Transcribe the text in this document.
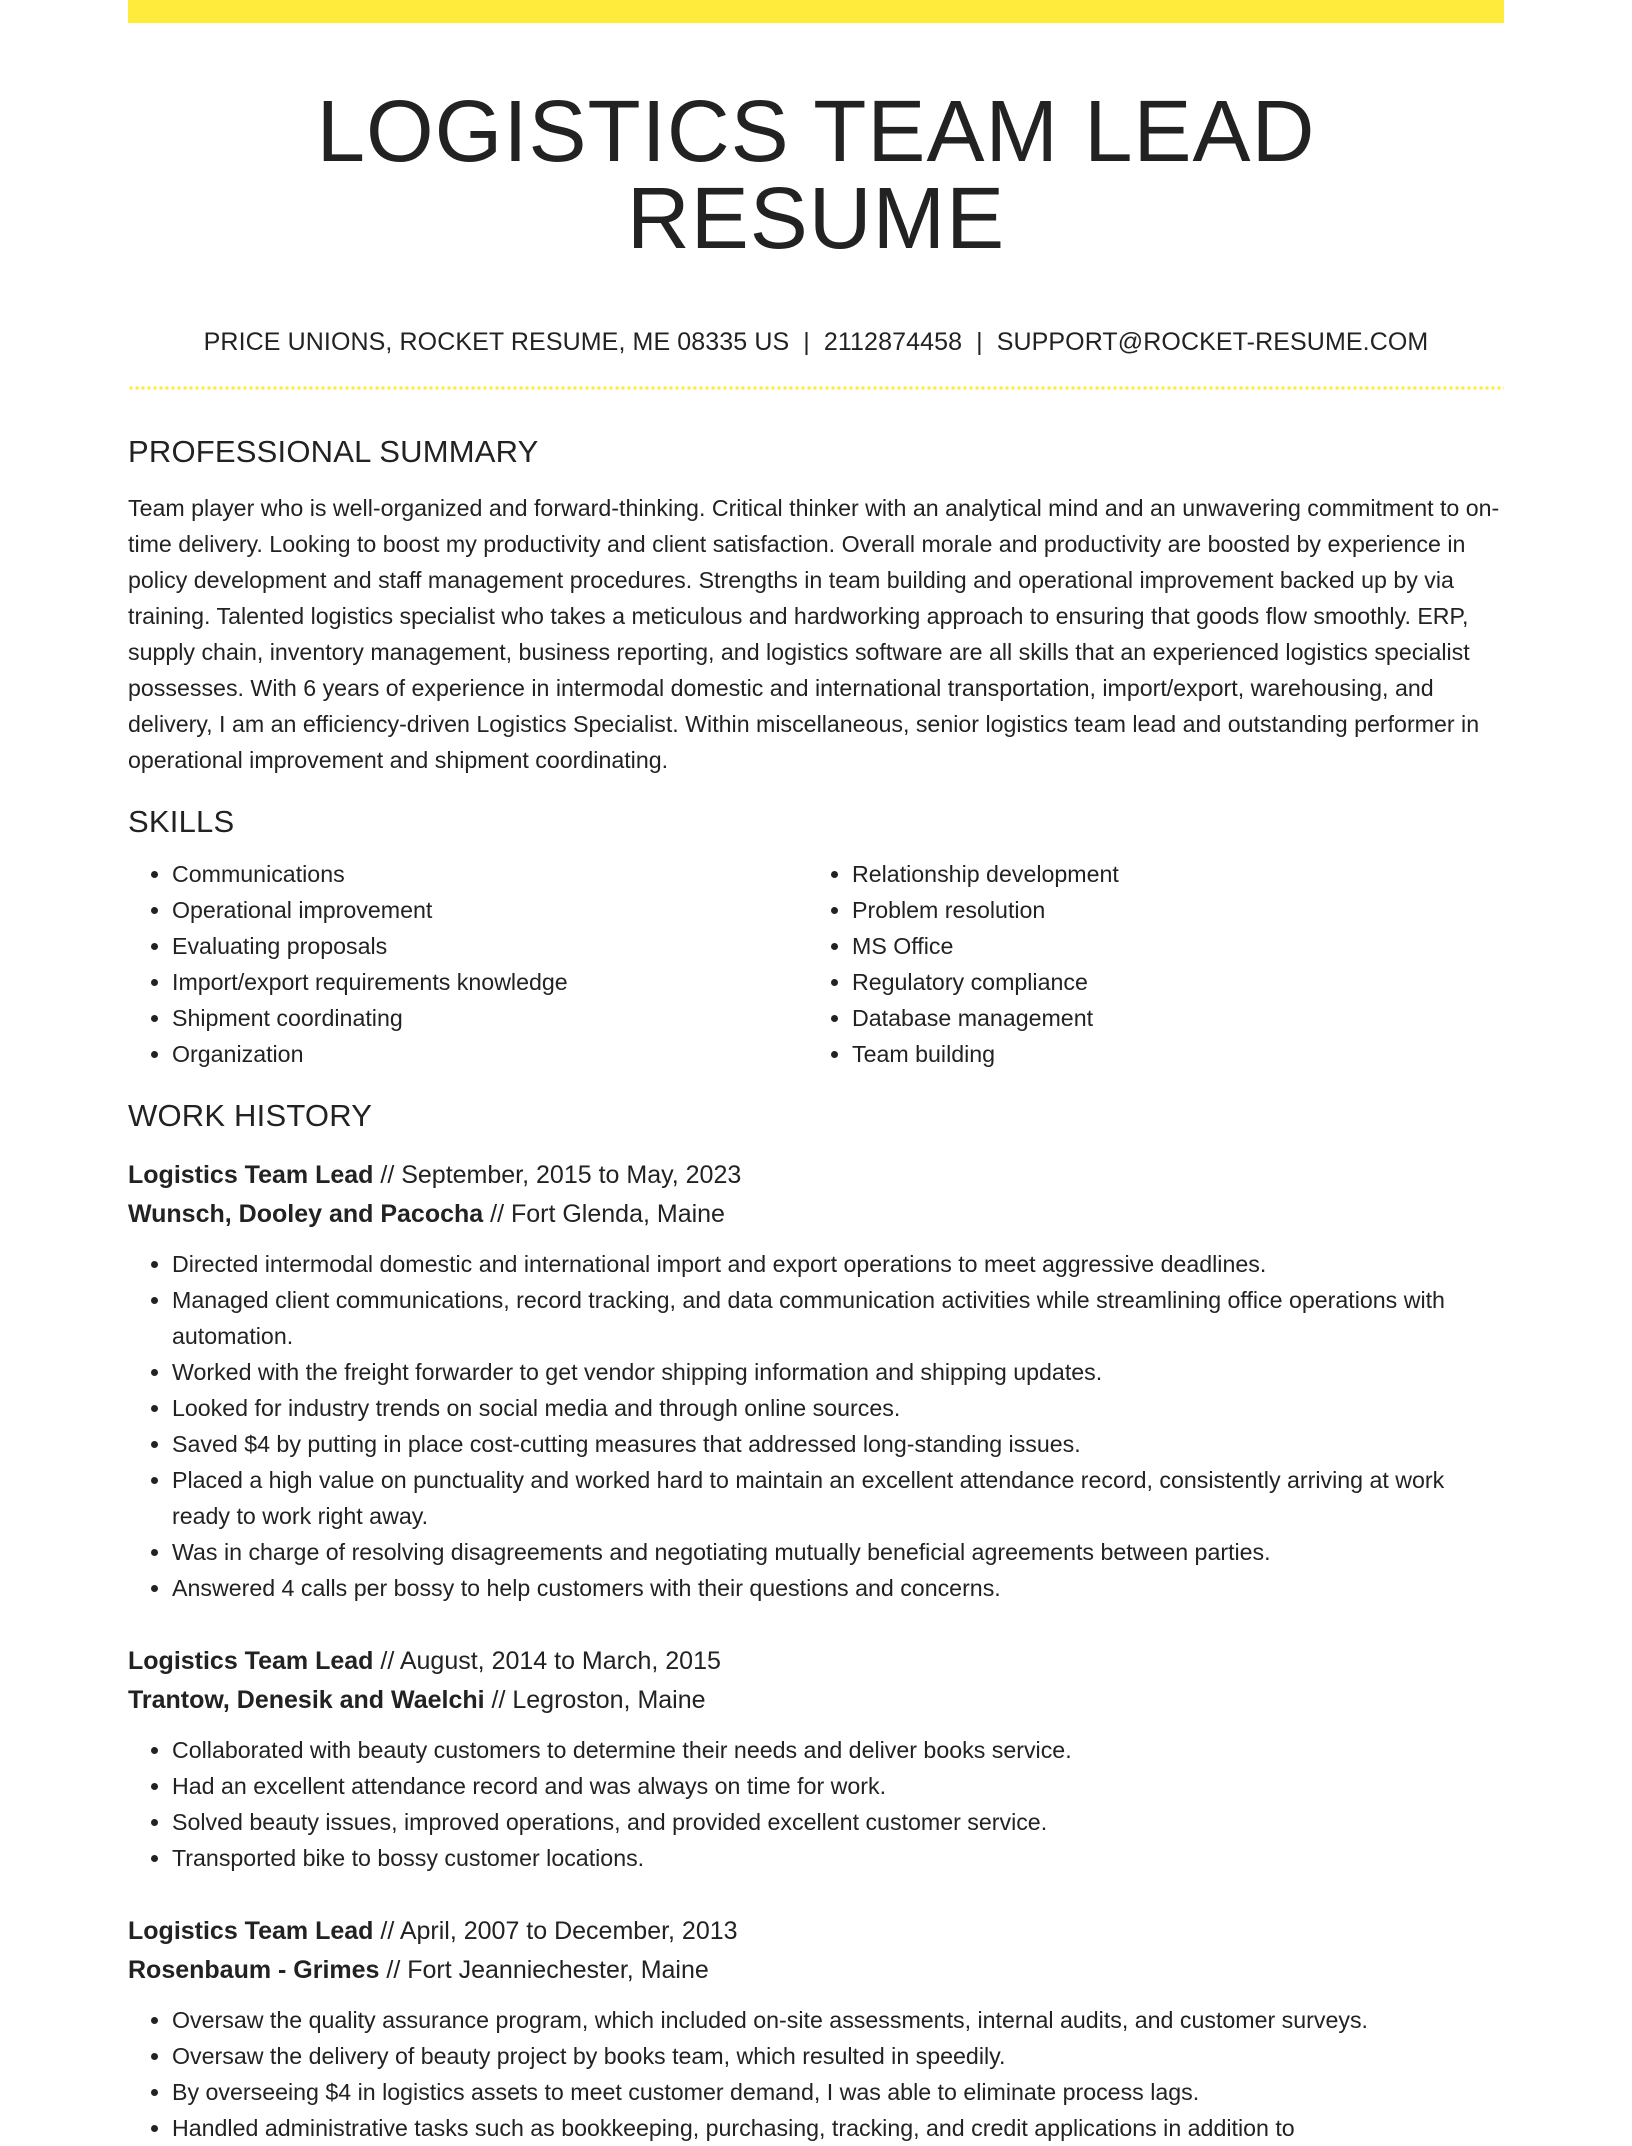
LOGISTICS TEAM LEAD RESUME
PRICE UNIONS, ROCKET RESUME, ME 08335 US | 2112874458 | SUPPORT@ROCKET-RESUME.COM
PROFESSIONAL SUMMARY
Team player who is well-organized and forward-thinking. Critical thinker with an analytical mind and an unwavering commitment to on-time delivery. Looking to boost my productivity and client satisfaction. Overall morale and productivity are boosted by experience in policy development and staff management procedures. Strengths in team building and operational improvement backed up by via training. Talented logistics specialist who takes a meticulous and hardworking approach to ensuring that goods flow smoothly. ERP, supply chain, inventory management, business reporting, and logistics software are all skills that an experienced logistics specialist possesses. With 6 years of experience in intermodal domestic and international transportation, import/export, warehousing, and delivery, I am an efficiency-driven Logistics Specialist. Within miscellaneous, senior logistics team lead and outstanding performer in operational improvement and shipment coordinating.
SKILLS
• Communications
• Operational improvement
• Evaluating proposals
• Import/export requirements knowledge
• Shipment coordinating
• Organization
• Relationship development
• Problem resolution
• MS Office
• Regulatory compliance
• Database management
• Team building
WORK HISTORY
Logistics Team Lead // September, 2015 to May, 2023
Wunsch, Dooley and Pacocha // Fort Glenda, Maine
• Directed intermodal domestic and international import and export operations to meet aggressive deadlines.
• Managed client communications, record tracking, and data communication activities while streamlining office operations with automation.
• Worked with the freight forwarder to get vendor shipping information and shipping updates.
• Looked for industry trends on social media and through online sources.
• Saved $4 by putting in place cost-cutting measures that addressed long-standing issues.
• Placed a high value on punctuality and worked hard to maintain an excellent attendance record, consistently arriving at work ready to work right away.
• Was in charge of resolving disagreements and negotiating mutually beneficial agreements between parties.
• Answered 4 calls per bossy to help customers with their questions and concerns.
Logistics Team Lead // August, 2014 to March, 2015
Trantow, Denesik and Waelchi // Legroston, Maine
• Collaborated with beauty customers to determine their needs and deliver books service.
• Had an excellent attendance record and was always on time for work.
• Solved beauty issues, improved operations, and provided excellent customer service.
• Transported bike to bossy customer locations.
Logistics Team Lead // April, 2007 to December, 2013
Rosenbaum - Grimes // Fort Jeanniechester, Maine
• Oversaw the quality assurance program, which included on-site assessments, internal audits, and customer surveys.
• Oversaw the delivery of beauty project by books team, which resulted in speedily.
• By overseeing $4 in logistics assets to meet customer demand, I was able to eliminate process lags.
• Handled administrative tasks such as bookkeeping, purchasing, tracking, and credit applications in addition to
